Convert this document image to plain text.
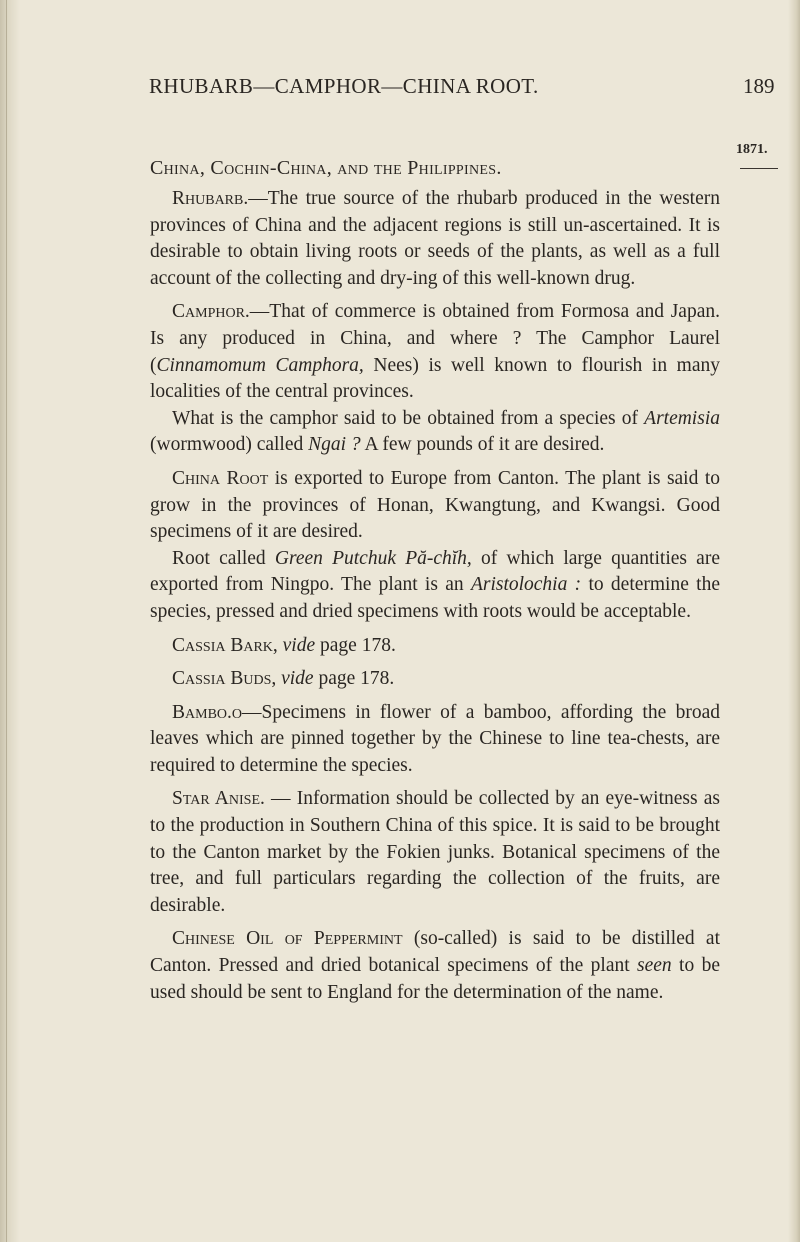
RHUBARB—CAMPHOR—CHINA ROOT.	189
1871.
China, Cochin-China, and the Philippines.

Rhubarb.—The true source of the rhubarb produced in the western provinces of China and the adjacent regions is still un-ascertained. It is desirable to obtain living roots or seeds of the plants, as well as a full account of the collecting and dry-ing of this well-known drug.

Camphor.—That of commerce is obtained from Formosa and Japan. Is any produced in China, and where ? The Camphor Laurel (Cinnamomum Camphora, Nees) is well known to flourish in many localities of the central provinces.

What is the camphor said to be obtained from a species of Artemisia (wormwood) called Ngai ? A few pounds of it are desired.

China Root is exported to Europe from Canton. The plant is said to grow in the provinces of Honan, Kwangtung, and Kwangsi. Good specimens of it are desired.

Root called Green Putchuk Pă-chĭh, of which large quantities are exported from Ningpo. The plant is an Aristolochia : to determine the species, pressed and dried specimens with roots would be acceptable.

Cassia Bark, vide page 178.

Cassia Buds, vide page 178.

Bambo.o—Specimens in flower of a bamboo, affording the broad leaves which are pinned together by the Chinese to line tea-chests, are required to determine the species.

Star Anise. — Information should be collected by an eye-witness as to the production in Southern China of this spice. It is said to be brought to the Canton market by the Fokien junks. Botanical specimens of the tree, and full particulars regarding the collection of the fruits, are desirable.

Chinese Oil of Peppermint (so-called) is said to be distilled at Canton. Pressed and dried botanical specimens of the plant seen to be used should be sent to England for the determination of the name.
